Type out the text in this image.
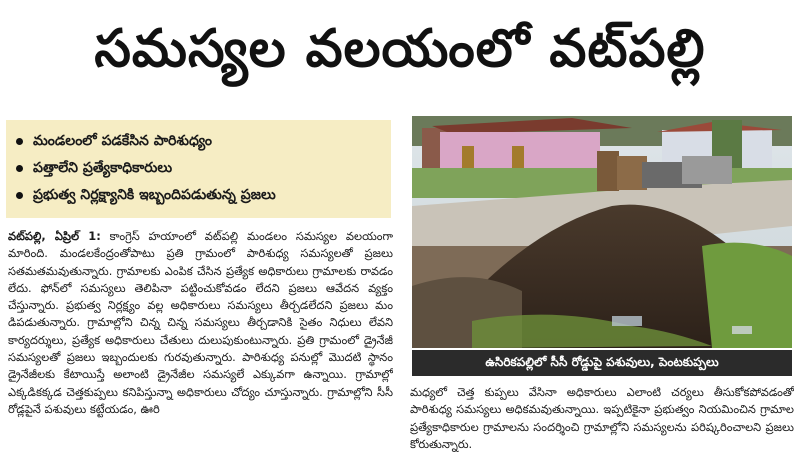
సమస్యల వలయంలో వట్‌పల్లి
మండలంలో పడకేసిన పారిశుధ్యం
పత్తాలేని ప్రత్యేకాధికారులు
ప్రభుత్వ నిర్లక్ష్యానికి ఇబ్బందిపడుతున్న ప్రజలు
వట్‌పల్లి, ఏప్రిల్ 1: కాంగ్రెస్ హయాంలో వట్‌పల్లి మండలం సమస్యల వలయంగా మారింది. మండలకేంద్రంతోపాటు ప్రతి గ్రామంలో పారిశుధ్య సమస్యలతో ప్రజలు సతమతమవుతున్నారు. గ్రామాలకు ఎంపిక చేసిన ప్రత్యేక అధికారులు గ్రామాలకు రావడం లేదు. ఫోన్‌లో సమస్యలు తెలిపినా పట్టించుకోవడం లేదని ప్రజలు ఆవేదన వ్యక్తం చేస్తున్నారు. ప్రభుత్వ నిర్లక్ష్యం వల్ల అధికారులు సమస్యలు తీర్చడలేదని ప్రజలు మం డిపడుతున్నారు. గ్రామాల్లోని చిన్న చిన్న సమస్యలు తీర్చడానికి సైతం నిధులు లేవని కార్యదర్శులు, ప్రత్యేక అధికారులు చేతులు దులుపుకుంటున్నారు. ప్రతి గ్రామంలో డ్రైనేజీ సమస్యలతో ప్రజలు ఇబ్బందులకు గురవుతున్నారు. పారిశుధ్య పనుల్లో మొదటి స్థానం డ్రైనేజీలకు కేటాయిస్తే అలాంటి డ్రైనేజీల సమస్యలే ఎక్కువగా ఉన్నాయి. గ్రామాల్లో ఎక్కడికక్కడ చెత్తకుప్పలు కనిపిస్తున్నా అధికారులు చోద్యం చూస్తున్నారు. గ్రామాల్లోని సీసీ రోడ్లపైనే పశువులు కట్టేయడం, ఊరి
ఉసిరికపల్లిలో సీసీ రోడ్డుపై పశువులు, పెంటకుప్పలు
మధ్యలో చెత్త కుప్పలు వేసినా అధికారులు ఎలాంటి చర్యలు తీసుకోకపోవడంతో పారిశుధ్య సమస్యలు అధికమవుతున్నాయి. ఇప్పటికైనా ప్రభుత్వం నియమించిన గ్రామాల ప్రత్యేకాధికారుల గ్రామాలను సందర్శించి గ్రామాల్లోని సమస్యలను పరిష్కరించాలని ప్రజలు కోరుతున్నారు.
